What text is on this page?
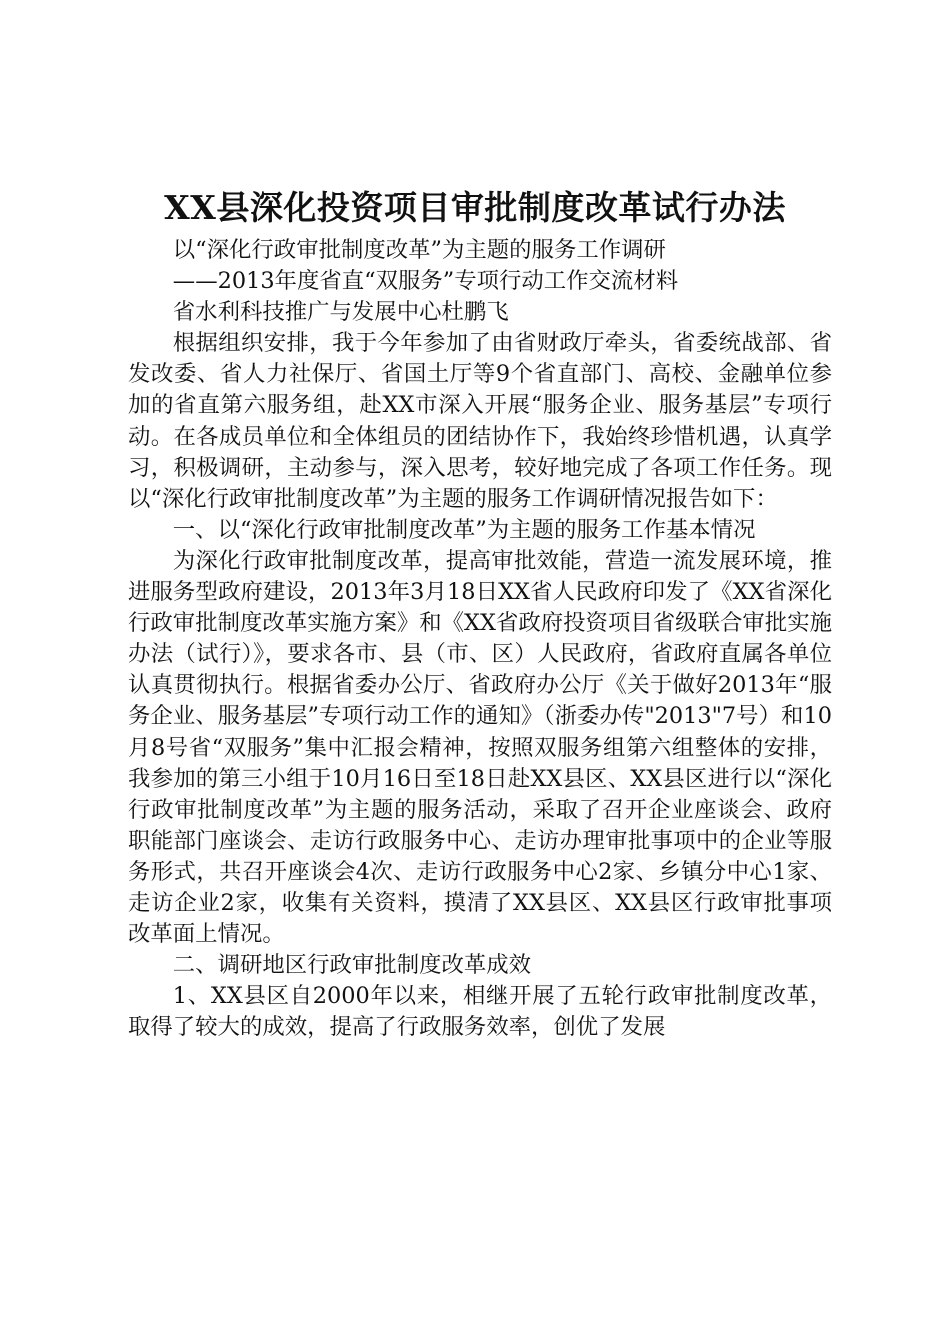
XX县深化投资项目审批制度改革试行办法

以“深化行政审批制度改革”为主题的服务工作调研

——2013年度省直“双服务”专项行动工作交流材料

省水利科技推广与发展中心杜鹏飞

根据组织安排，我于今年参加了由省财政厅牵头，省委统战部、省发改委、省人力社保厅、省国土厅等9个省直部门、高校、金融单位参加的省直第六服务组，赴XX市深入开展“服务企业、服务基层”专项行动。在各成员单位和全体组员的团结协作下，我始终珍惜机遇，认真学习，积极调研，主动参与，深入思考，较好地完成了各项工作任务。现以“深化行政审批制度改革”为主题的服务工作调研情况报告如下：

一、以“深化行政审批制度改革”为主题的服务工作基本情况

为深化行政审批制度改革，提高审批效能，营造一流发展环境，推进服务型政府建设，2013年3月18日XX省人民政府印发了《XX省深化行政审批制度改革实施方案》和《XX省政府投资项目省级联合审批实施办法（试行）》，要求各市、县（市、区）人民政府，省政府直属各单位认真贯彻执行。根据省委办公厅、省政府办公厅《关于做好2013年“服务企业、服务基层”专项行动工作的通知》（浙委办传"2013"7号）和10月8号省“双服务”集中汇报会精神，按照双服务组第六组整体的安排，我参加的第三小组于10月16日至18日赴XX县区、XX县区进行以“深化行政审批制度改革”为主题的服务活动，采取了召开企业座谈会、政府职能部门座谈会、走访行政服务中心、走访办理审批事项中的企业等服务形式，共召开座谈会4次、走访行政服务中心2家、乡镇分中心1家、走访企业2家，收集有关资料，摸清了XX县区、XX县区行政审批事项改革面上情况。

二、调研地区行政审批制度改革成效

1、XX县区自2000年以来，相继开展了五轮行政审批制度改革，取得了较大的成效，提高了行政服务效率，创优了发展
